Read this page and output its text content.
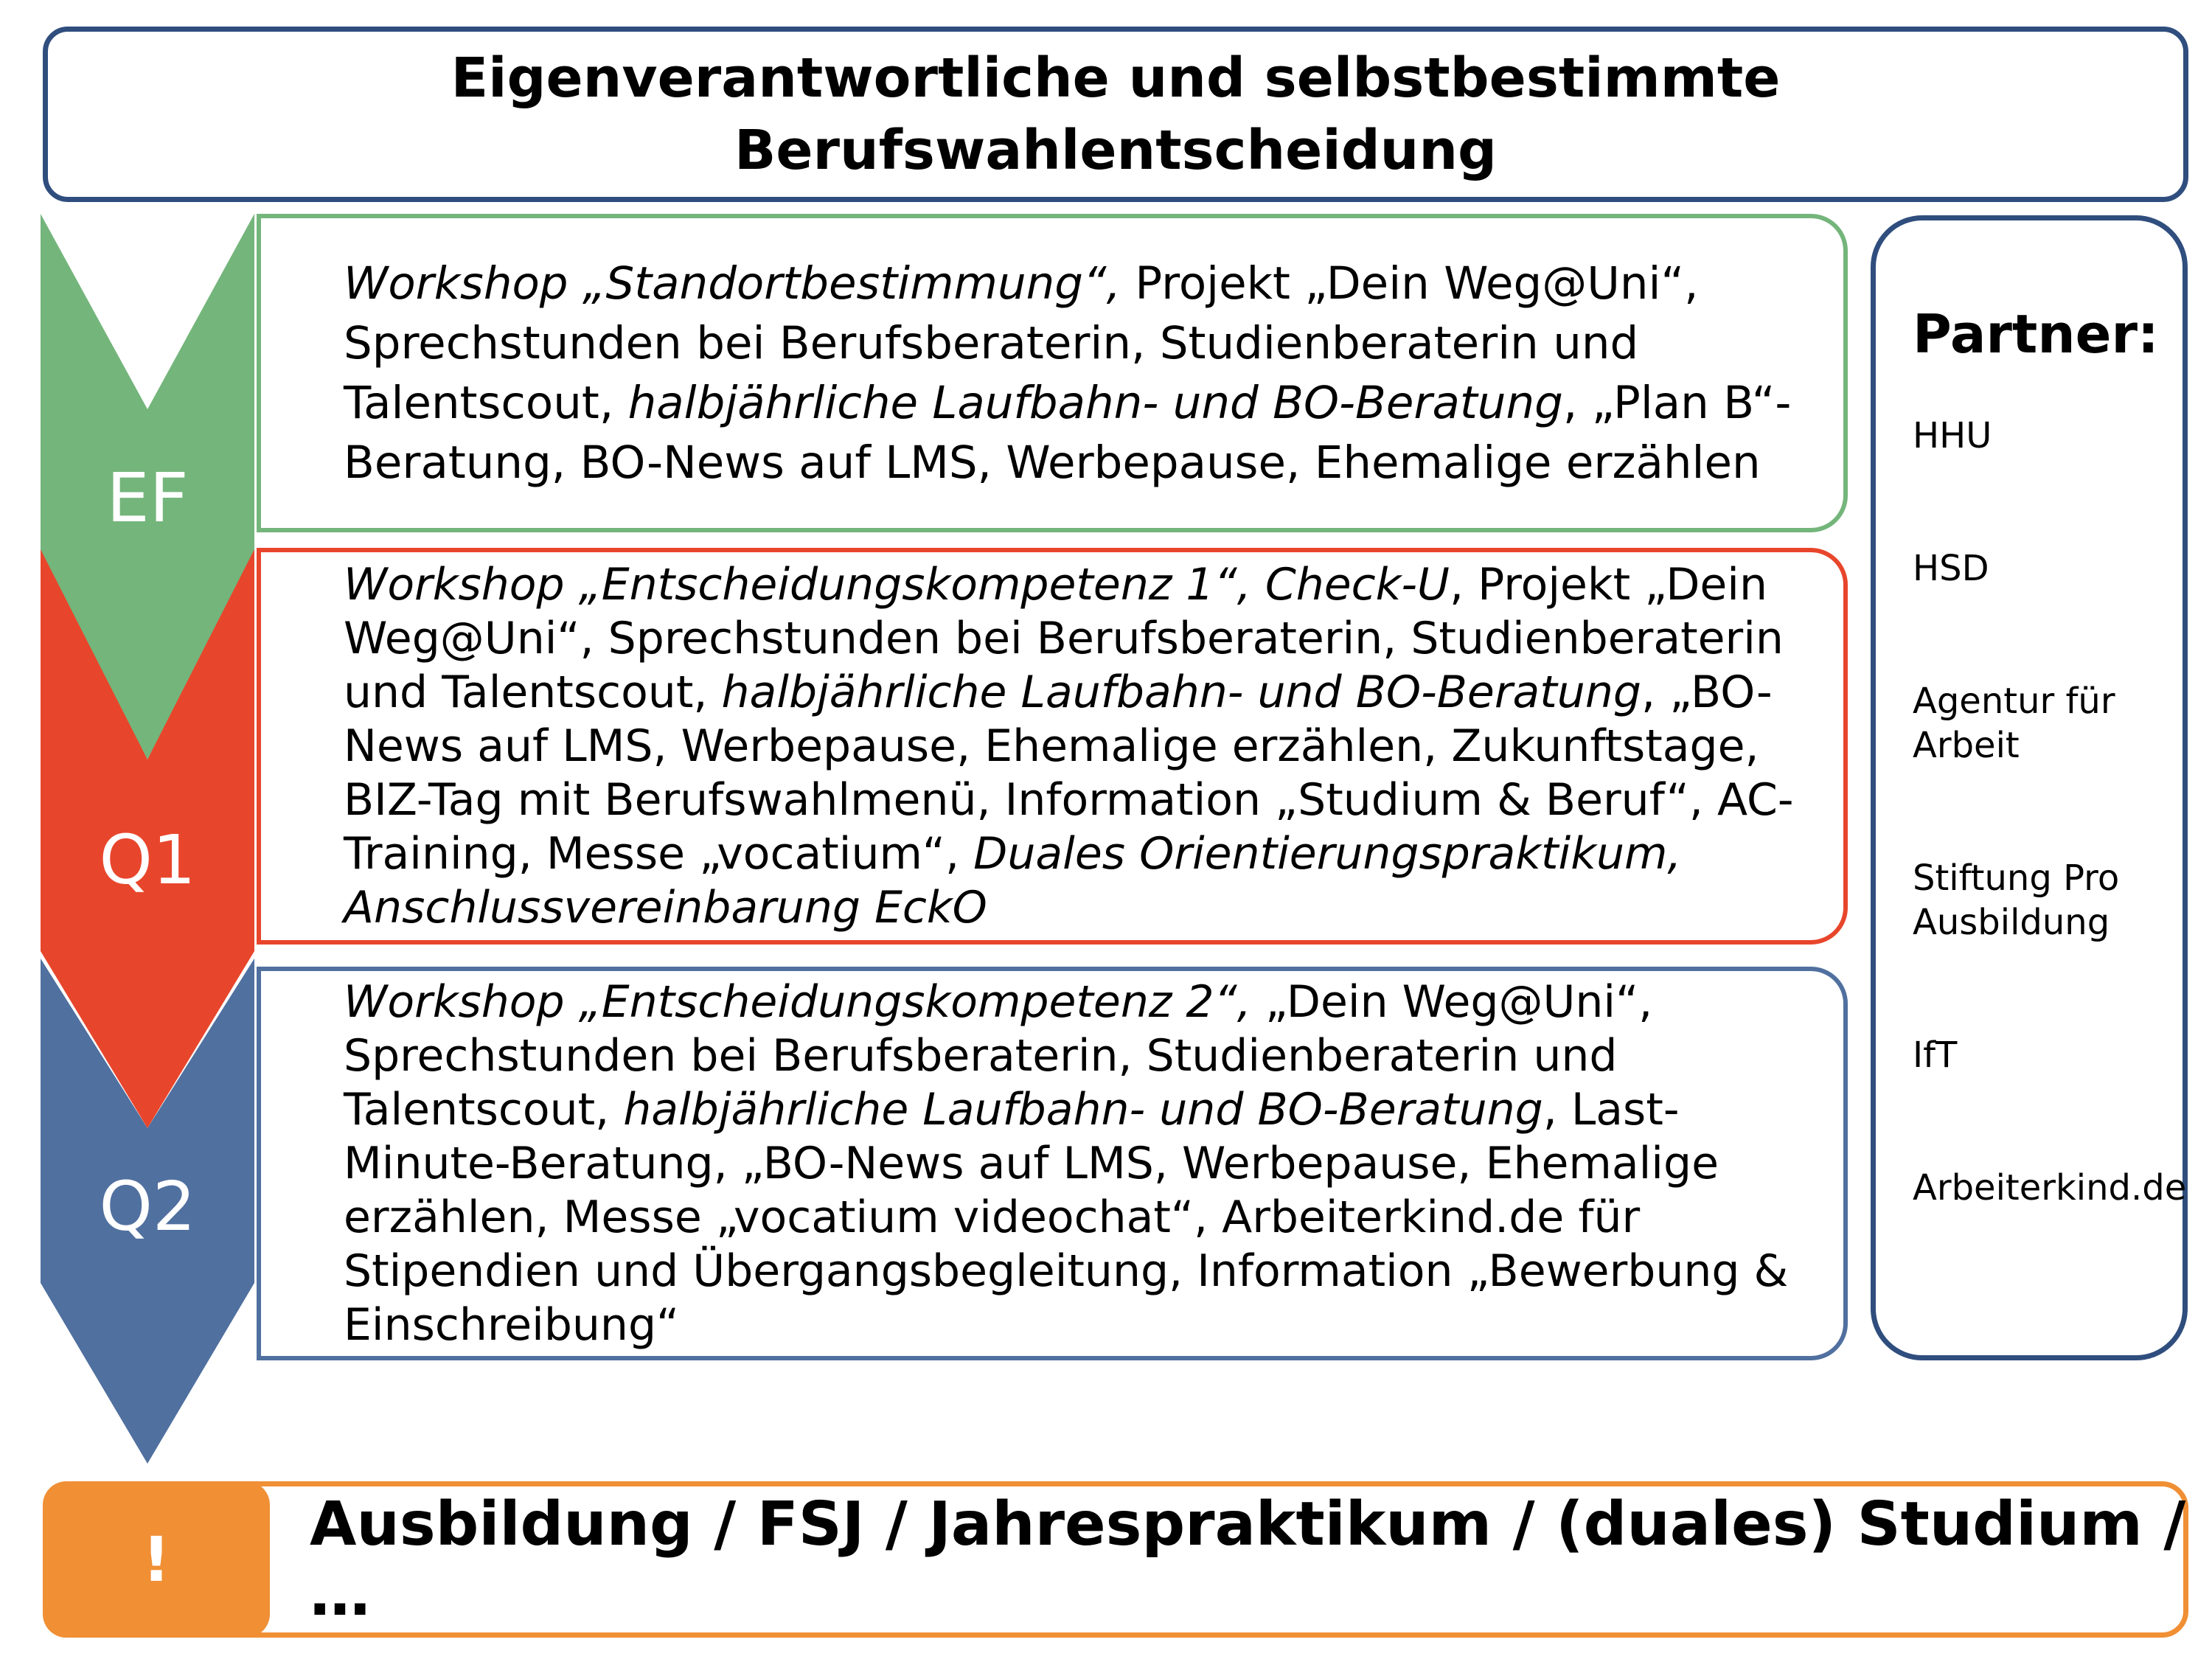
Eigenverantwortliche und selbstbestimmte
Berufswahlentscheidung
EF
Q1
Q2
Workshop „Standortbestimmung“, Projekt „Dein Weg@Uni“, Sprechstunden bei Berufsberaterin, Studienberaterin und Talentscout, halbjährliche Laufbahn- und BO-Beratung, „Plan B“-Beratung, BO-News auf LMS, Werbepause, Ehemalige erzählen
Workshop „Entscheidungskompetenz 1“, Check-U, Projekt „Dein Weg@Uni“, Sprechstunden bei Berufsberaterin, Studienberaterin und Talentscout, halbjährliche Laufbahn- und BO-Beratung, „BO-News auf LMS, Werbepause, Ehemalige erzählen, Zukunftstage, BIZ-Tag mit Berufswahlmenü, Information „Studium & Beruf“, AC-Training, Messe „vocatium“, Duales Orientierungspraktikum, Anschlussvereinbarung EckO
Workshop „Entscheidungskompetenz 2“, „Dein Weg@Uni“, Sprechstunden bei Berufsberaterin, Studienberaterin und Talentscout, halbjährliche Laufbahn- und BO-Beratung, Last-Minute-Beratung, „BO-News auf LMS, Werbepause, Ehemalige erzählen, Messe „vocatium videochat“, Arbeiterkind.de für Stipendien und Übergangsbegleitung, Information „Bewerbung & Einschreibung“
Partner:
HHU
HSD
Agentur für Arbeit
Stiftung Pro Ausbildung
IfT
Arbeiterkind.de
!	Ausbildung / FSJ / Jahrespraktikum / (duales) Studium / …
